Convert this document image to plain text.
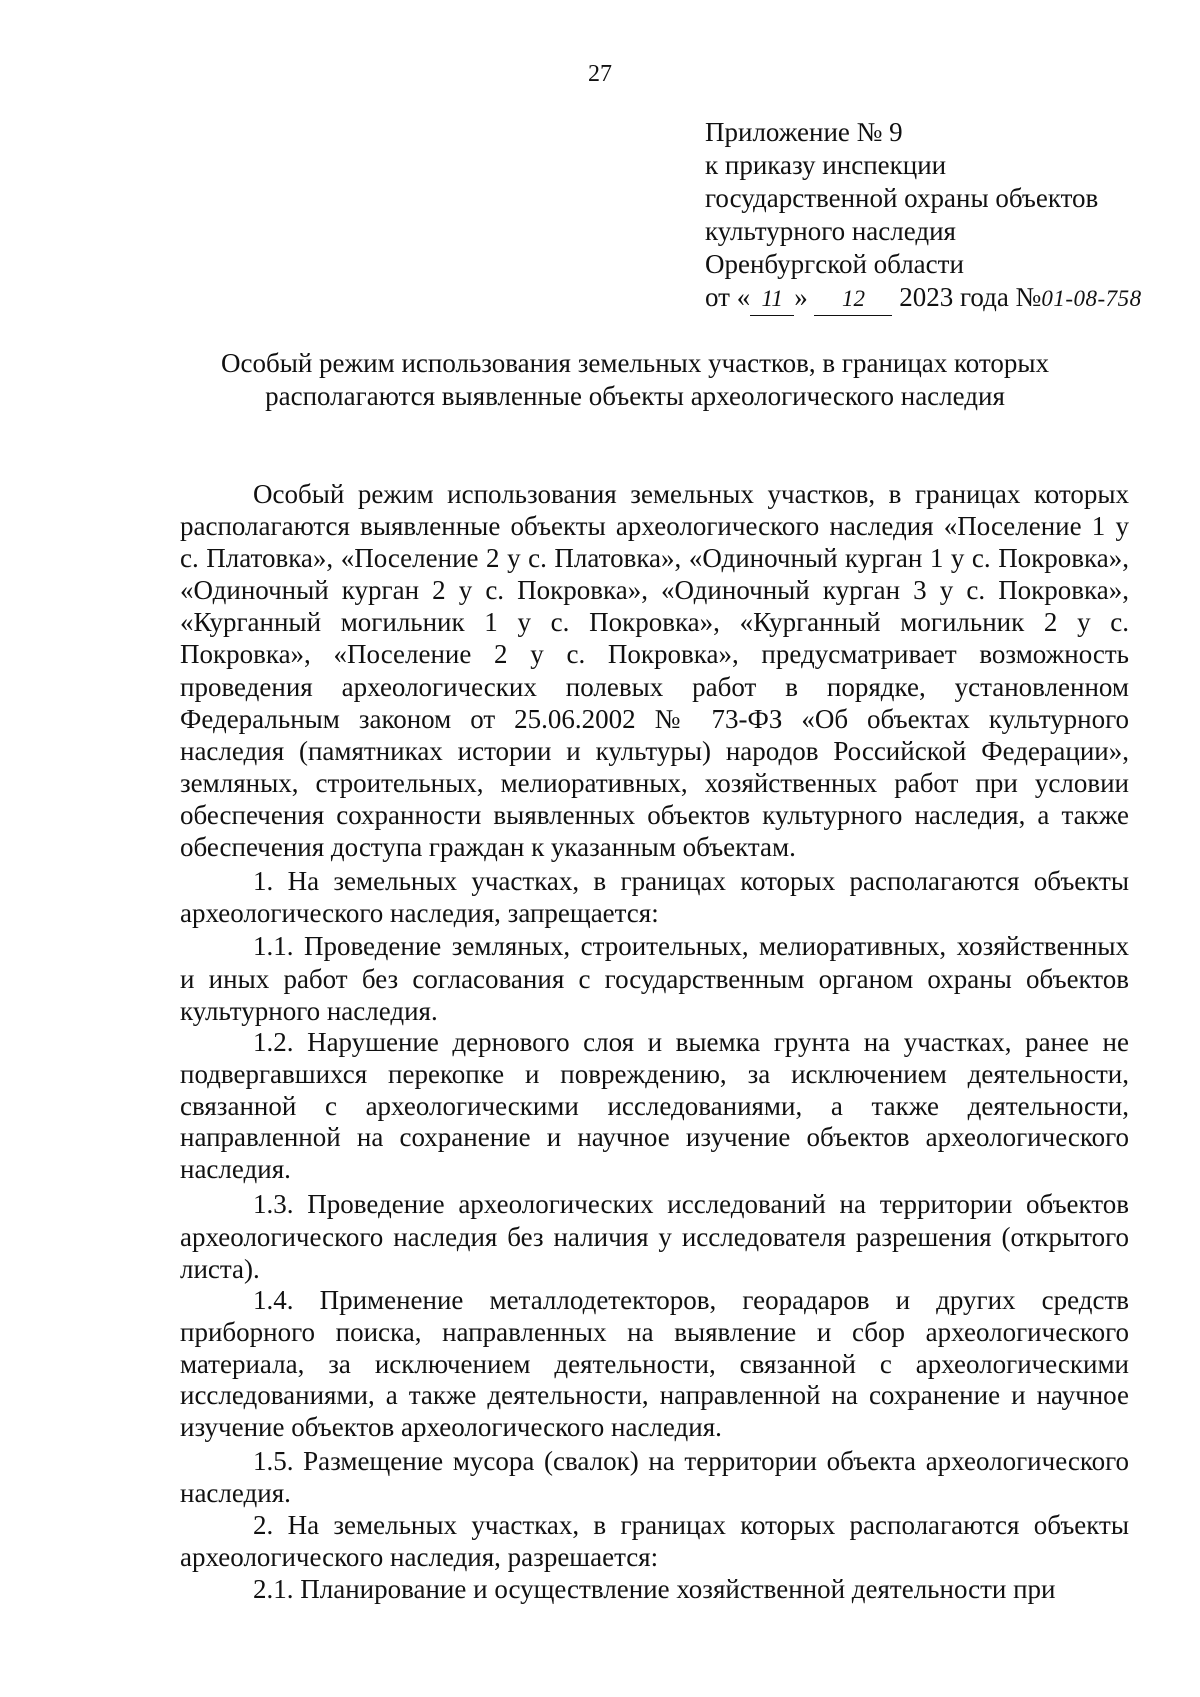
27
Приложение № 9
к приказу инспекции
государственной охраны объектов
культурного наследия
Оренбургской области
от « 11 » 12 2023 года №01-08-758
Особый режим использования земельных участков, в границах которых
располагаются выявленные объекты археологического наследия

Особый режим использования земельных участков, в границах которых располагаются выявленные объекты археологического наследия «Поселение 1 у с. Платовка», «Поселение 2 у с. Платовка», «Одиночный курган 1 у с. Покровка», «Одиночный курган 2 у с. Покровка», «Одиночный курган 3 у с. Покровка», «Курганный могильник 1 у с. Покровка», «Курганный могильник 2 у с. Покровка», «Поселение 2 у с. Покровка», предусматривает возможность проведения археологических полевых работ в порядке, установленном Федеральным законом от 25.06.2002 № 73-ФЗ «Об объектах культурного наследия (памятниках истории и культуры) народов Российской Федерации», земляных, строительных, мелиоративных, хозяйственных работ при условии обеспечения сохранности выявленных объектов культурного наследия, а также обеспечения доступа граждан к указанным объектам.

1. На земельных участках, в границах которых располагаются объекты археологического наследия, запрещается:

1.1. Проведение земляных, строительных, мелиоративных, хозяйственных и иных работ без согласования с государственным органом охраны объектов культурного наследия.

1.2. Нарушение дернового слоя и выемка грунта на участках, ранее не подвергавшихся перекопке и повреждению, за исключением деятельности, связанной с археологическими исследованиями, а также деятельности, направленной на сохранение и научное изучение объектов археологического наследия.

1.3. Проведение археологических исследований на территории объектов археологического наследия без наличия у исследователя разрешения (открытого листа).

1.4. Применение металлодетекторов, георадаров и других средств приборного поиска, направленных на выявление и сбор археологического материала, за исключением деятельности, связанной с археологическими исследованиями, а также деятельности, направленной на сохранение и научное изучение объектов археологического наследия.

1.5. Размещение мусора (свалок) на территории объекта археологического наследия.

2. На земельных участках, в границах которых располагаются объекты археологического наследия, разрешается:

2.1. Планирование и осуществление хозяйственной деятельности при
